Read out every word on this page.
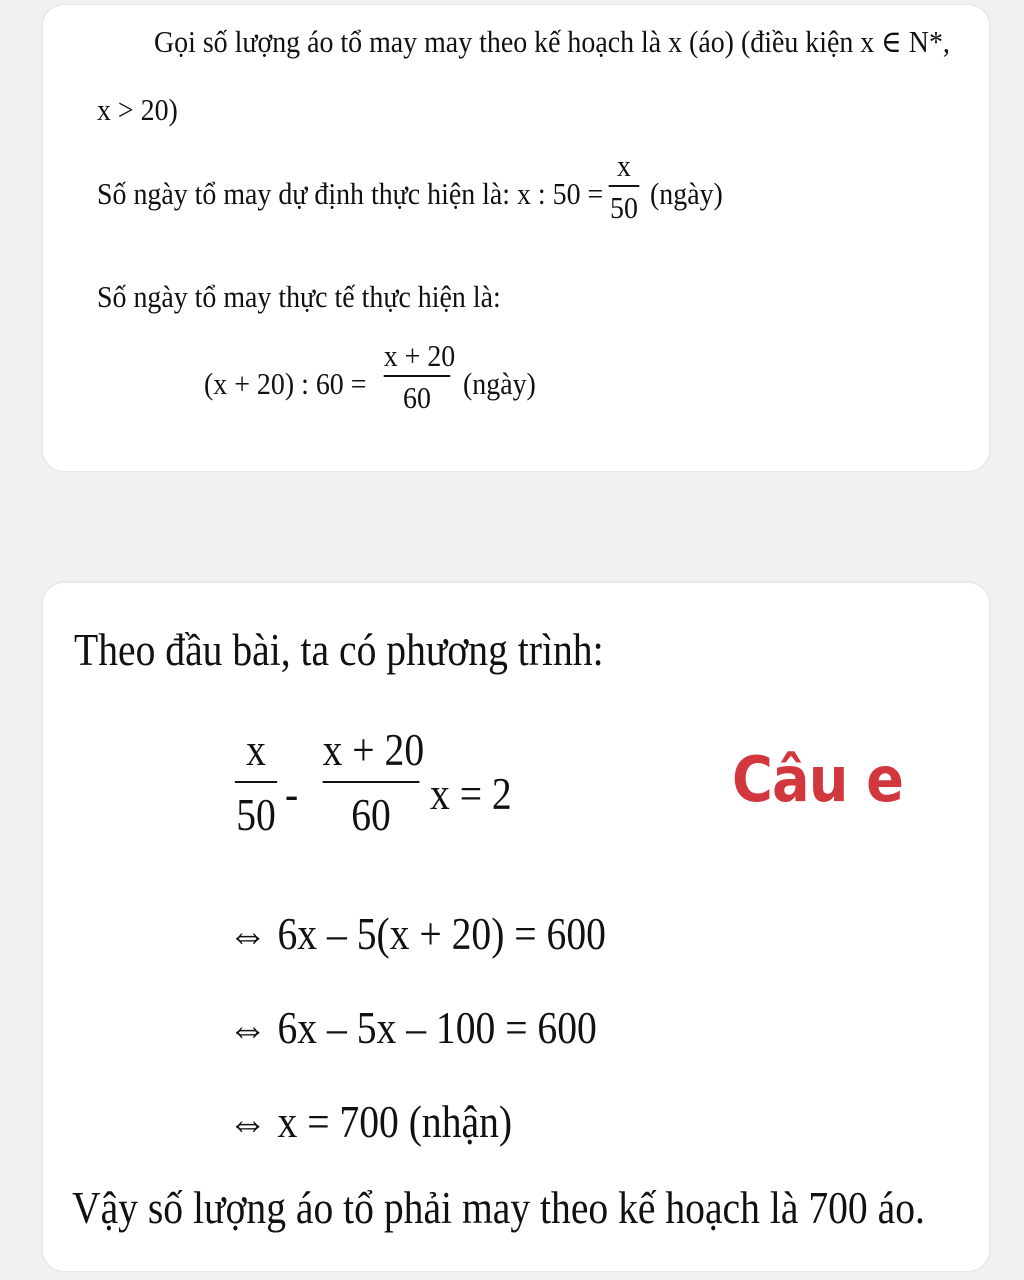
Gọi số lượng áo tổ may may theo kế hoạch là x (áo) (điều kiện x ∈ N*,
x > 20)
Số ngày tổ may dự định thực hiện là: x : 50 =
x
50 (ngày)
Số ngày tổ may thực tế thực hiện là:
(x + 20) : 60 =
x + 20
60	(ngày)
Theo đầu bài, ta có phương trình:
x
50 -
x + 20
60 x = 2	Câu e
⇔ 6x – 5(x + 20) = 600
⇔ 6x – 5x – 100 = 600
⇔ x = 700 (nhận)
Vậy số lượng áo tổ phải may theo kế hoạch là 700 áo.
